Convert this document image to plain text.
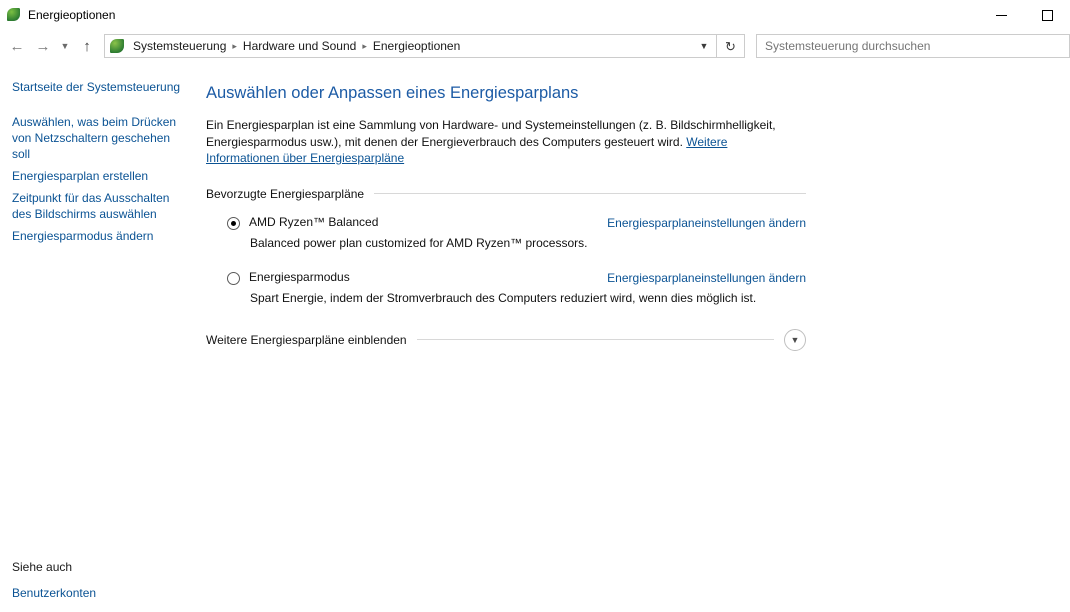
Energieoptionen
← → ▼ ↑	Systemsteuerung ▸ Hardware und Sound ▸ Energieoptionen	▼ ↻
Systemsteuerung durchsuchen
Startseite der Systemsteuerung
Auswählen, was beim Drücken von Netzschaltern geschehen soll
Energiesparplan erstellen
Zeitpunkt für das Ausschalten des Bildschirms auswählen
Energiesparmodus ändern
Siehe auch
Benutzerkonten
Auswählen oder Anpassen eines Energiesparplans
Ein Energiesparplan ist eine Sammlung von Hardware- und Systemeinstellungen (z. B. Bildschirmhelligkeit, Energiesparmodus usw.), mit denen der Energieverbrauch des Computers gesteuert wird. Weitere Informationen über Energiesparpläne
Bevorzugte Energiesparpläne
AMD Ryzen™ Balanced	Energiesparplaneinstellungen ändern
Balanced power plan customized for AMD Ryzen™ processors.
Energiesparmodus	Energiesparplaneinstellungen ändern
Spart Energie, indem der Stromverbrauch des Computers reduziert wird, wenn dies möglich ist.
Weitere Energiesparpläne einblenden	▼
